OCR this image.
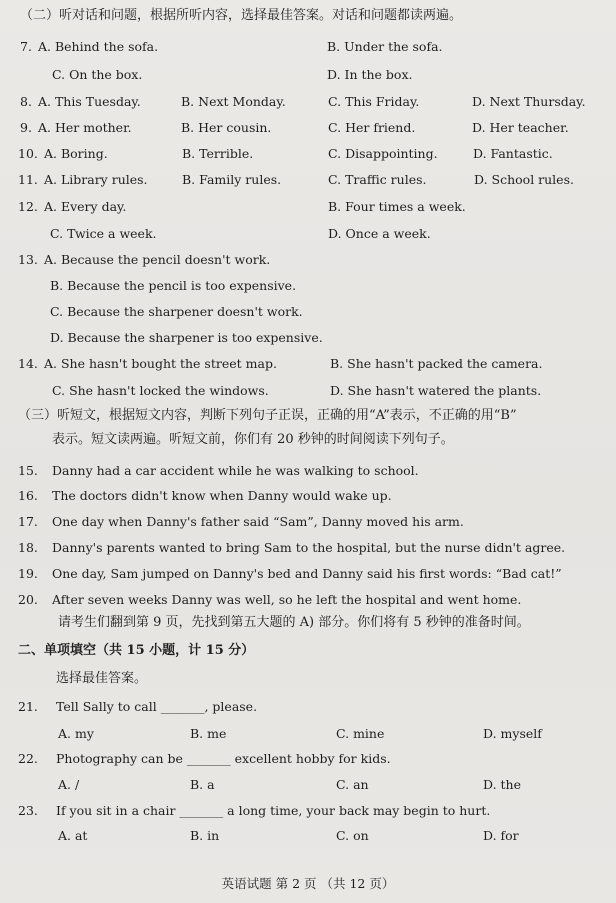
（二）听对话和问题，根据所听内容，选择最佳答案。对话和问题都读两遍。
7. A. Behind the sofa.	B. Under the sofa.
C. On the box.	D. In the box.
8. A. This Tuesday.	B. Next Monday.	C. This Friday.	D. Next Thursday.
9. A. Her mother.	B. Her cousin.	C. Her friend.	D. Her teacher.
10. A. Boring.	B. Terrible.	C. Disappointing.	D. Fantastic.
11. A. Library rules.	B. Family rules.	C. Traffic rules.	D. School rules.
12. A. Every day.	B. Four times a week.
C. Twice a week.	D. Once a week.
13. A. Because the pencil doesn't work.
B. Because the pencil is too expensive.
C. Because the sharpener doesn't work.
D. Because the sharpener is too expensive.
14. A. She hasn't bought the street map.	B. She hasn't packed the camera.
C. She hasn't locked the windows.	D. She hasn't watered the plants.
（三）听短文，根据短文内容，判断下列句子正误，正确的用“A”表示，不正确的用“B”
表示。短文读两遍。听短文前，你们有 20 秒钟的时间阅读下列句子。
15. Danny had a car accident while he was walking to school.
16. The doctors didn't know when Danny would wake up.
17. One day when Danny's father said “Sam”, Danny moved his arm.
18. Danny's parents wanted to bring Sam to the hospital, but the nurse didn't agree.
19. One day, Sam jumped on Danny's bed and Danny said his first words: “Bad cat!”
20. After seven weeks Danny was well, so he left the hospital and went home.
请考生们翻到第 9 页，先找到第五大题的 A) 部分。你们将有 5 秒钟的准备时间。
二、单项填空（共 15 小题，计 15 分）
选择最佳答案。
21. Tell Sally to call _______, please.
A. my	B. me	C. mine	D. myself
22. Photography can be _______ excellent hobby for kids.
A. /	B. a	C. an	D. the
23. If you sit in a chair _______ a long time, your back may begin to hurt.
A. at	B. in	C. on	D. for
英语试题 第 2 页 （共 12 页）
